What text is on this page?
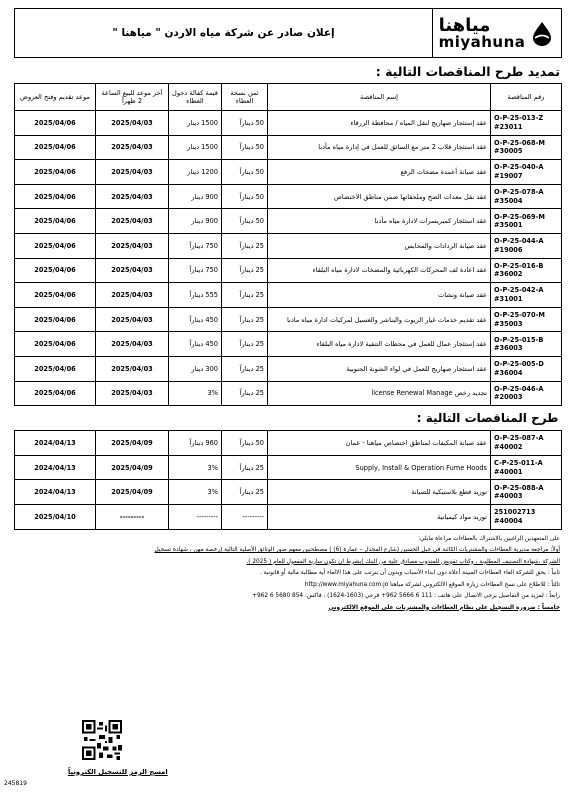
مياهنا
miyahuna
إعلان صادر عن شركة مياه الاردن " مياهنا "
تمديد طرح المناقصات التالية :
رقم المناقصة	إسم المناقصة	ثمن نسخة العطاء	قيمة كفالة دخول العطاء	آخر موعد للبيع الساعة 2 ظهراً	موعد تقديم وفتح العروض

O-P-25-013-Z
#23011	عقد إستئجار صهاريج لنقل المياه / محافظة الزرقاء	50 ديناراً	1500 دينار	2025/04/03	2025/04/06

O-P-25-068-M
#30005	عقد استئجار قلاب 2 متر مع السائق للعمل في إدارة مياه مأدبا	50 ديناراً	1500 دينار	2025/04/03	2025/04/06

O-P-25-040-A
#19007	عقد صيانة أعمدة مضخات الرفع	50 ديناراً	1200 دينار	2025/04/03	2025/04/06

O-P-25-078-A
#35004	عقد نقل معدات الضخ وملحقاتها ضمن مناطق الاختصاص	50 ديناراً	900 دينار	2025/04/03	2025/04/06

O-P-25-069-M
#35001	عقد استئجار كمبريسرات لادارة مياه مأدبا	50 ديناراً	900 دينار	2025/04/03	2025/04/06

O-P-25-044-A
#19006	عقد صيانة الردادات والمحابس	25 ديناراً	750 ديناراً	2025/04/03	2025/04/06

O-P-25-016-B
#36002	عقد اعادة لف المحركات الكهربائية والمضخات لادارة مياه البلقاء	25 ديناراً	750 ديناراً	2025/04/03	2025/04/06

O-P-25-042-A
#31001	عقد صيانة ونشات	25 ديناراً	555 ديناراً	2025/04/03	2025/04/06

O-P-25-070-M
#35003	عقد تقديم خدمات غيار الزيوت والبناشر والغسيل لمركبات ادارة مياه مادبا	25 ديناراً	450 ديناراً	2025/04/03	2025/04/06

O-P-25-015-B
#36003	عقد إستئجار عمال للعمل في محطات التنقية لادارة مياه البلقاء	25 ديناراً	450 ديناراً	2025/04/03	2025/04/06

O-P-25-005-D
#36004	عقد استئجار صهاريج للعمل في لواء الشونة الجنوبية	25 ديناراً	300 دينار	2025/04/03	2025/04/06

O-P-25-046-A
#20003	تجديد رخص license Renewal Manage	25 ديناراً	3%	2025/04/03	2025/04/06
طرح المناقصات التالية :					

O-P-25-087-A
#40002	عقد صيانة المكيفات لمناطق اختصاص مياهنا - عمان	50 ديناراً	960 ديناراً	2025/04/09	2024/04/13

C-P-25-011-A
#40001	Supply, Install & Operation Fume Hoods	25 ديناراً	3%	2025/04/09	2024/04/13

O-P-25-088-A
#40003	توريد قطع بلاستيكية للصيانة	25 ديناراً	3%	2025/04/09	2024/04/13

251002713
#40004	توريد مواد كيمياتية	---------	---------	---------	2025/04/10
على المتعهدين الراغبين بالاشتراك بالعطاءات مراعاة مايلي:
أولاً: مراجعة مديرية العطاءات والمشتريات الكائنة في جبل الحسين (شارع المجدل – عمارة (6) ) مصطحبين معهم صور الوثائق الأصلية التالية (رخصة مهن ، شهادة تسجيل
الشركة ،شهادة التصنيف المطلوبة ، وكتاب تفويض للمندوب مصادق علية من البنك )بشرط ان تكون سارية المفعول للعام ( 2025 ).
ثانياً : يحق للشركة الغاء العطاءات المبينة أعلاه دون ابداء الأسباب وبدون أن يترتب على هذا الالغاء أية مطالبة مالية أو قانونية .
ثالثاً : للاطلاع على نسخ العطاءات زيارة الموقع الالكتروني لشركة مياهنا http://www.miyahuna.com.jo
رابعاً : لمزيد من التفاصيل يرجى الاتصال على هاتف : 111 6 5666 962+ فرعي (1603-1624) ، فاكس: 854 5680 6 962+
خامساً : ضرورة التسجيل على نظام العطاءات والمشتريات على الموقع الالكتروني
امسح الرمز للتسجيل الكترونياً
245819
